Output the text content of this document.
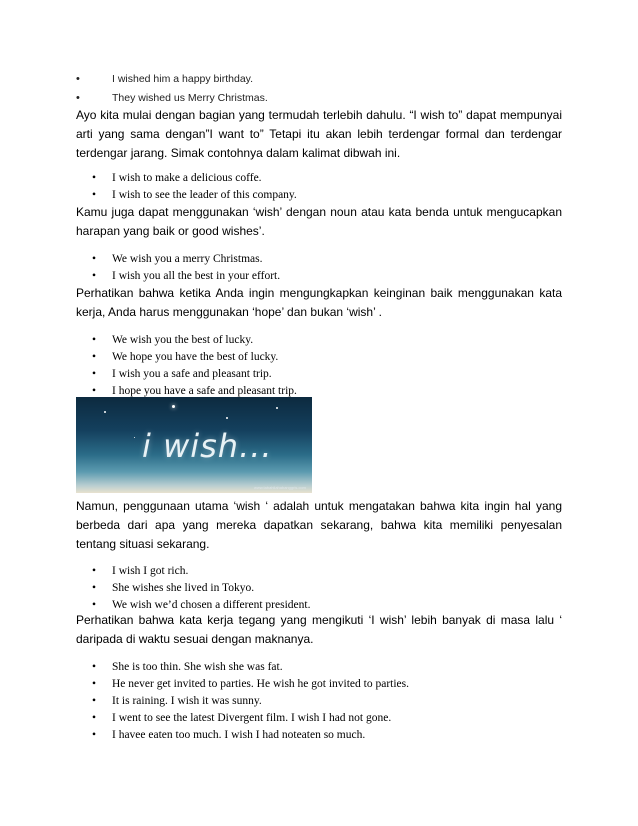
• I wished him a happy birthday.
• They wished us Merry Christmas.

Ayo kita mulai dengan bagian yang termudah terlebih dahulu. “I wish to” dapat mempunyai arti yang sama dengan”I want to” Tetapi itu akan lebih terdengar formal dan terdengar terdengar jarang. Simak contohnya dalam kalimat dibwah ini.

• I wish to make a delicious coffe.
• I wish to see the leader of this company.

Kamu juga dapat menggunakan ‘wish’ dengan noun atau kata benda untuk mengucapkan harapan yang baik or good wishes’.

• We wish you a merry Christmas.
• I wish you all the best in your effort.

Perhatikan bahwa ketika Anda ingin mengungkapkan keinginan baik menggunakan kata kerja, Anda harus menggunakan ‘hope’ dan bukan ‘wish’ .

• We wish you the best of lucky.
• We hope you have the best of lucky.
• I wish you a safe and pleasant trip.
• I hope you have a safe and pleasant trip.
i wish...
www.tabahilahabanggris.com

Namun, penggunaan utama ‘wish ‘ adalah untuk mengatakan bahwa kita ingin hal yang berbeda dari apa yang mereka dapatkan sekarang, bahwa kita memiliki penyesalan tentang situasi sekarang.

• I wish I got rich.
• She wishes she lived in Tokyo.
• We wish we’d chosen a different president.

Perhatikan bahwa kata kerja tegang yang mengikuti ‘I wish’ lebih banyak di masa lalu ‘ daripada di waktu sesuai dengan maknanya.

• She is too thin. She wish she was fat.
• He never get invited to parties. He wish he got invited to parties.
• It is raining. I wish it was sunny.
• I went to see the latest Divergent film. I wish I had not gone.
• I havee eaten too much. I wish I had noteaten so much.
